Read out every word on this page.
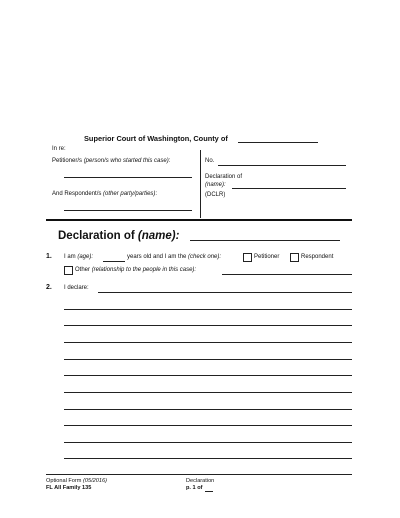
Superior Court of Washington, County of
In re:
Petitioner/s (person/s who started this case):
And Respondent/s (other party/parties):
No.
Declaration of
(name):
(DCLR)
Declaration of (name):
1. I am (age):	years old and I am the (check one):	Petitioner	Respondent
Other (relationship to the people in this case):
2. I declare:
Optional Form (05/2016)
FL All Family 135
Declaration
p. 1 of
